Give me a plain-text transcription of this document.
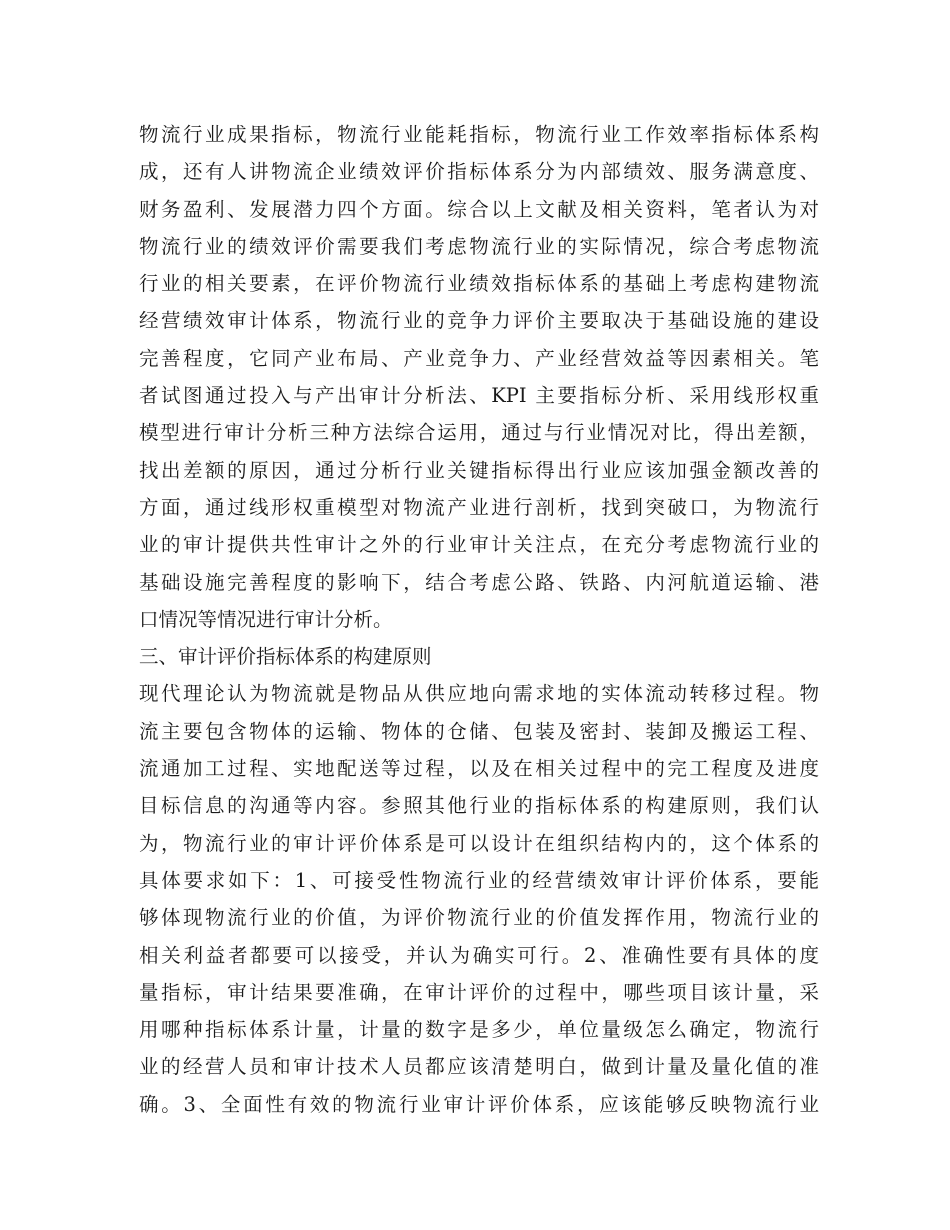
物流行业成果指标，物流行业能耗指标，物流行业工作效率指标体系构
成，还有人讲物流企业绩效评价指标体系分为内部绩效、服务满意度、
财务盈利、发展潜力四个方面。综合以上文献及相关资料，笔者认为对
物流行业的绩效评价需要我们考虑物流行业的实际情况，综合考虑物流
行业的相关要素，在评价物流行业绩效指标体系的基础上考虑构建物流
经营绩效审计体系，物流行业的竞争力评价主要取决于基础设施的建设
完善程度，它同产业布局、产业竞争力、产业经营效益等因素相关。笔
者试图通过投入与产出审计分析法、KPI 主要指标分析、采用线形权重
模型进行审计分析三种方法综合运用，通过与行业情况对比，得出差额，
找出差额的原因，通过分析行业关键指标得出行业应该加强金额改善的
方面，通过线形权重模型对物流产业进行剖析，找到突破口，为物流行
业的审计提供共性审计之外的行业审计关注点，在充分考虑物流行业的
基础设施完善程度的影响下，结合考虑公路、铁路、内河航道运输、港
口情况等情况进行审计分析。
三、审计评价指标体系的构建原则
现代理论认为物流就是物品从供应地向需求地的实体流动转移过程。物
流主要包含物体的运输、物体的仓储、包装及密封、装卸及搬运工程、
流通加工过程、实地配送等过程，以及在相关过程中的完工程度及进度
目标信息的沟通等内容。参照其他行业的指标体系的构建原则，我们认
为，物流行业的审计评价体系是可以设计在组织结构内的，这个体系的
具体要求如下：1、可接受性物流行业的经营绩效审计评价体系，要能
够体现物流行业的价值，为评价物流行业的价值发挥作用，物流行业的
相关利益者都要可以接受，并认为确实可行。2、准确性要有具体的度
量指标，审计结果要准确，在审计评价的过程中，哪些项目该计量，采
用哪种指标体系计量，计量的数字是多少，单位量级怎么确定，物流行
业的经营人员和审计技术人员都应该清楚明白，做到计量及量化值的准
确。3、全面性有效的物流行业审计评价体系，应该能够反映物流行业
